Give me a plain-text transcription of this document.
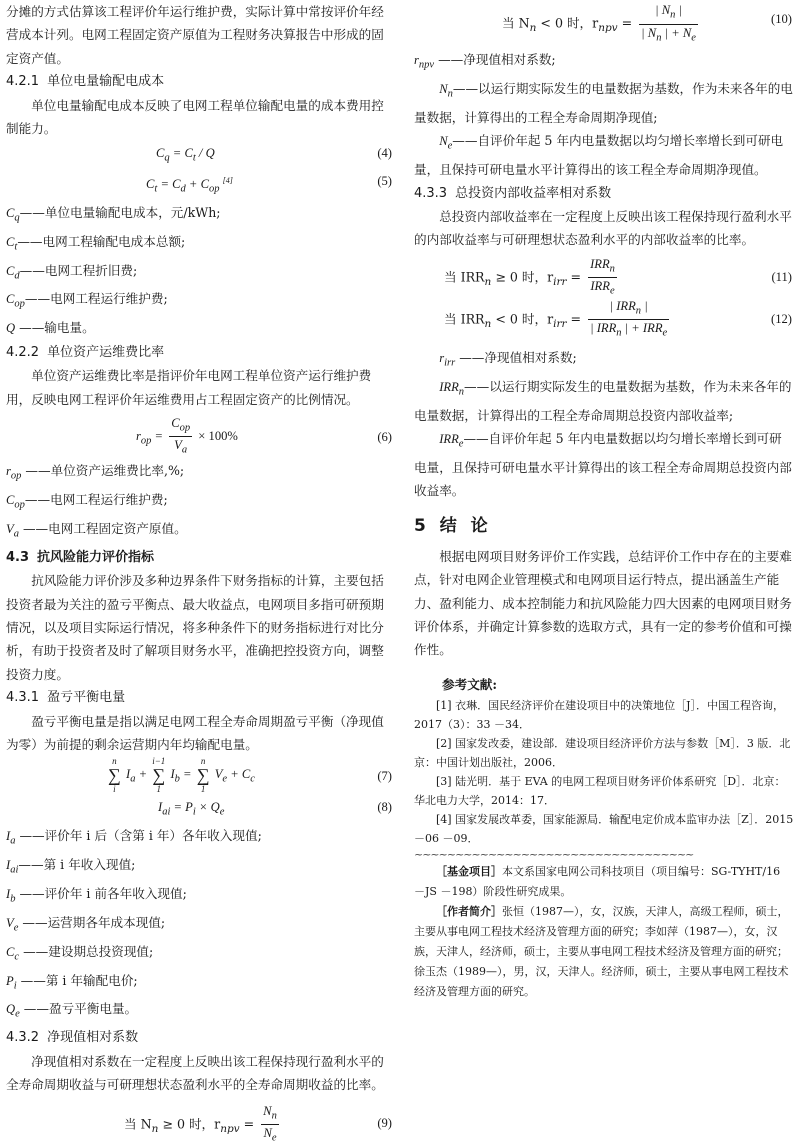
分摊的方式估算该工程评价年运行维护费，实际计算中常按评价年经营成本计列。电网工程固定资产原值为工程财务决算报告中形成的固定资产值。

4.2.1 单位电量输配电成本

单位电量输配电成本反映了电网工程单位输配电量的成本费用控制能力。

$C_q = C_t / Q$	(4)
$C_t = C_d + C_{op}$ [4]	(5)

$C_q——$单位电量输配电成本，元/kWh;

$C_t——$电网工程输配电成本总额;

$C_d——$电网工程折旧费;

$C_{op}——$电网工程运行维护费;

Q ——输电量。

4.2.2 单位资产运维费比率

单位资产运维费比率是指评价年电网工程单位资产运行维护费用，反映电网工程评价年运维费用占工程固定资产的比例情况。

$r_{op} = \frac{C_{op}}{V_a} \times 100\%$	(6)

$r_{op}$ ——单位资产运维费比率,%;

$C_{op}——$电网工程运行维护费;

$V_a$ ——电网工程固定资产原值。

4.3 抗风险能力评价指标

抗风险能力评价涉及多种边界条件下财务指标的计算，主要包括投资者最为关注的盈亏平衡点、最大收益点，电网项目多指可研预期情况，以及项目实际运行情况，将多种条件下的财务指标进行对比分析，有助于投资者及时了解项目财务水平，准确把控投资方向，调整投资力度。

4.3.1 盈亏平衡电量

盈亏平衡电量是指以满足电网工程全寿命周期盈亏平衡（净现值为零）为前提的剩余运营期内年均输配电量。

n
∑
i $I_a + i-1$
∑
1 $I_b = n$
∑
1 $V_e + C_c$	(7)
$I_{ai} = P_i \times Q_e$	(8)

$I_a$ ——评价年 i 后（含第 i 年）各年收入现值;

$I_{ai}——$第 i 年收入现值;

$I_b$ ——评价年 i 前各年收入现值;

$V_e$ ——运营期各年成本现值;

$C_c$ ——建设期总投资现值;

$P_i$ ——第 i 年输配电价;

$Q_e$ ——盈亏平衡电量。

4.3.2 净现值相对系数

净现值相对系数在一定程度上反映出该工程保持现行盈利水平的全寿命周期收益与可研理想状态盈利水平的全寿命周期收益的比率。

当 $N_n \ge 0$ 时，$r_{npv} = \frac{N_n}{N_e}$	(9)
当 $N_n < 0$ 时，$r_{npv} = \frac{| N_n |}{| N_n | + N_e}$	(10)

$r_{npv}$ ——净现值相对系数;

$N_n——$以运行期实际发生的电量数据为基数，作为未来各年的电量数据，计算得出的工程全寿命周期净现值;

$N_e——$自评价年起 5 年内电量数据以均匀增长率增长到可研电量，且保持可研电量水平计算得出的该工程全寿命周期净现值。

4.3.3 总投资内部收益率相对系数

总投资内部收益率在一定程度上反映出该工程保持现行盈利水平的内部收益率与可研理想状态盈利水平的内部收益率的比率。

当 $IRR_n \ge 0$ 时，$r_{irr} = \frac{IRR_n}{IRR_e}$	(11)
当 $IRR_n < 0$ 时，$r_{irr} = \frac{| IRR_n |}{| IRR_n | + IRR_e}$	(12)

$r_{irr}$ ——净现值相对系数;

$IRR_n——$以运行期实际发生的电量数据为基数，作为未来各年的电量数据，计算得出的工程全寿命周期总投资内部收益率;

$IRR_e——$自评价年起 5 年内电量数据以均匀增长率增长到可研电量，且保持可研电量水平计算得出的该工程全寿命周期总投资内部收益率。

5 结 论

根据电网项目财务评价工作实践，总结评价工作中存在的主要难点，针对电网企业管理模式和电网项目运行特点，提出涵盖生产能力、盈利能力、成本控制能力和抗风险能力四大因素的电网项目财务评价体系，并确定计算参数的选取方式，具有一定的参考价值和可操作性。

参考文献:

[1] 衣琳．国民经济评价在建设项目中的决策地位［J］．中国工程咨询，2017（3）：33 －34．

[2] 国家发改委，建设部．建设项目经济评价方法与参数［M］．3 版．北京：中国计划出版社，2006．

[3] 陆光明．基于 EVA 的电网工程项目财务评价体系研究［D］．北京：华北电力大学，2014：17．

[4] 国家发展改革委，国家能源局．输配电定价成本监审办法［Z］．2015 －06 －09．

~~~~~~~~~~~~~~~~~~~~~~~~~~~~~~~~~~

［基金项目］本文系国家电网公司科技项目（项目编号：SG-TYHT/16 －JS －198）阶段性研究成果。

［作者简介］张恒（1987—），女，汉族，天津人，高级工程师，硕士，主要从事电网工程技术经济及管理方面的研究；李如萍（1987—），女，汉族，天津人，经济师，硕士，主要从事电网工程技术经济及管理方面的研究；徐玉杰（1989—），男，汉，天津人。经济师，硕士，主要从事电网工程技术经济及管理方面的研究。
